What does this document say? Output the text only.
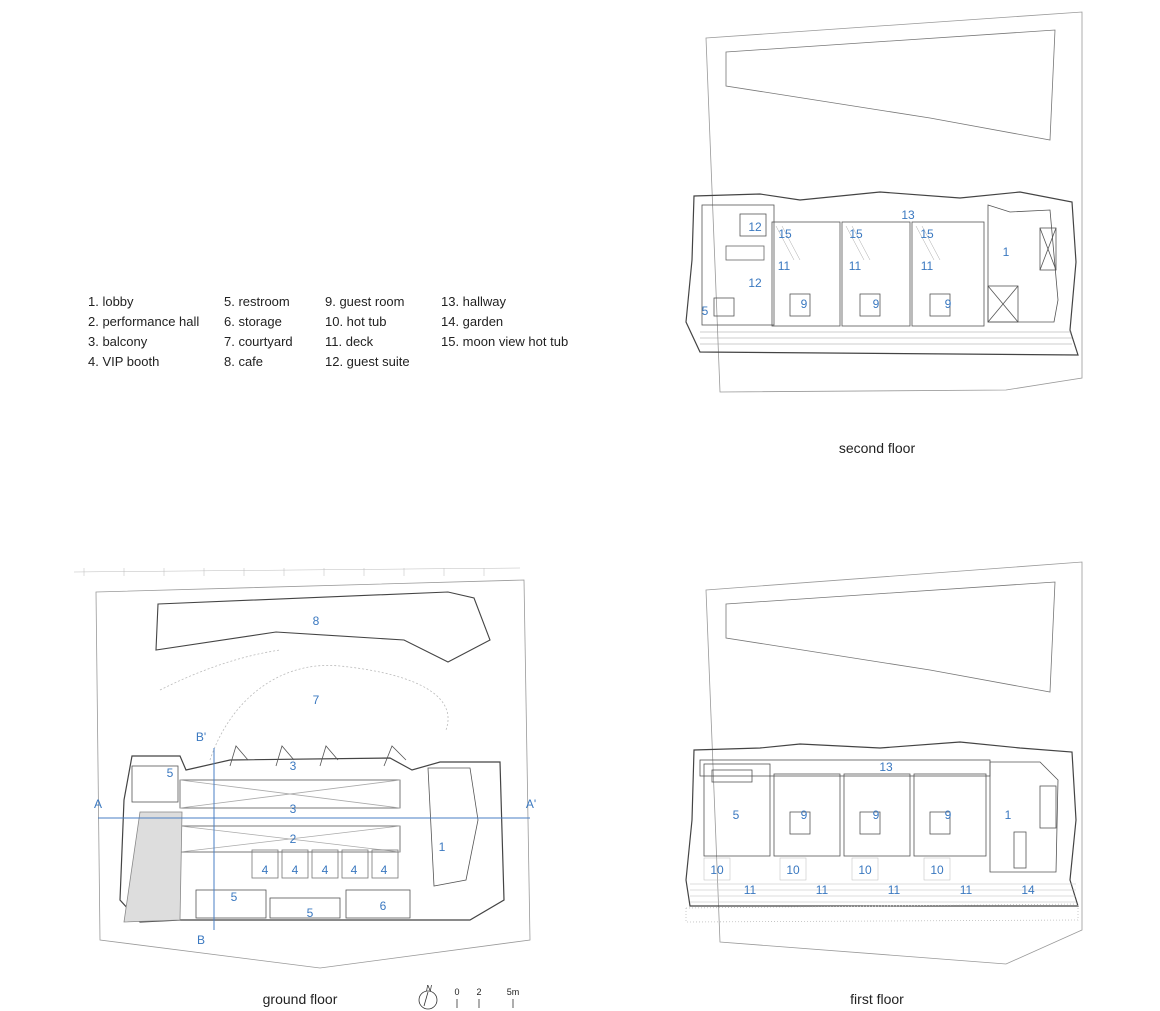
1. lobby
2. performance hall
3. balcony
4. VIP booth
5. restroom
6. storage
7. courtyard
8. cafe
9. guest room
10. hot tub
11. deck
12. guest suite
13. hallway
14. garden
15. moon view hot tub
second floor
ground floor	first floor
0 2	5m
N
13
12 15	15	15
11	11	11
1
12
5	9	9	9
13
5	9	9	9	1
10	10	10	10
11	11	11	11	14
A	A'
B'
B
8
7
5	3
3
2
1
4 4 4 4 4
5
5	6
